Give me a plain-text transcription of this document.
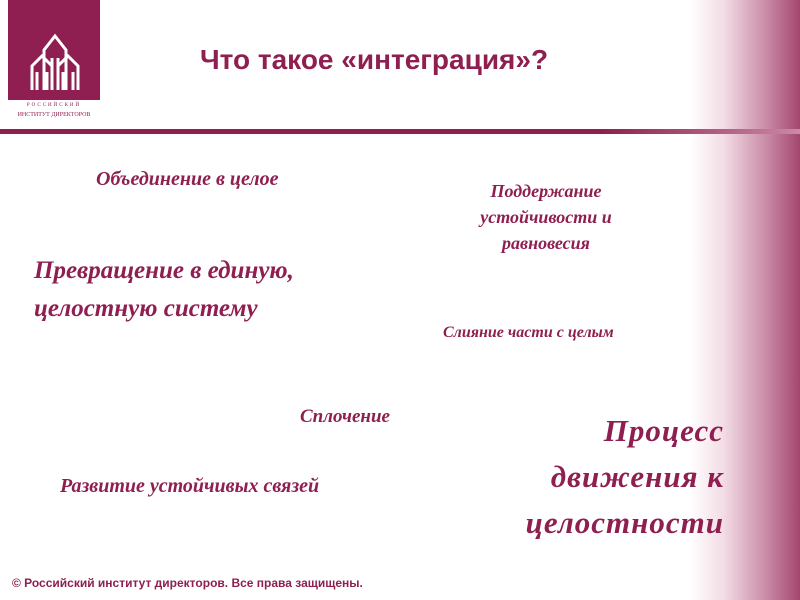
РОССИЙСКИЙ
ИНСТИТУТ ДИРЕКТОРОВ
Что такое «интеграция»?
Объединение в целое
Поддержание устойчивости и равновесия
Превращение в единую, целостную систему
Слияние части с целым
Сплочение
Развитие устойчивых связей
Процесс движения к целостности
© Российский институт директоров. Все права защищены.
